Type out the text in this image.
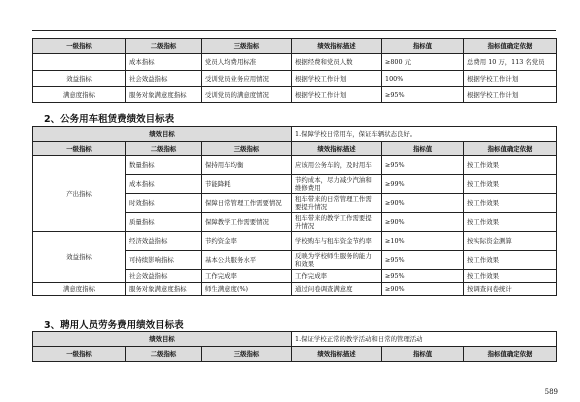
一级指标	二级指标	三级指标	绩效指标描述	指标值	指标值确定依据
	成本指标	党员人均费用标准	根据经费和党员人数	≥800 元	总费用 10 万，113 名党员
效益指标	社会效益指标	受训党员业务应用情况	根据学校工作计划	100%	根据学校工作计划
满意度指标	服务对象满意度指标	受训党员的满意度情况	根据学校工作计划	≥95%	根据学校工作计划
2、公务用车租赁费绩效目标表
绩效目标			1.保障学校日常用车，保证车辆状态良好。		
一级指标	二级指标	三级指标	绩效指标描述	指标值	指标值确定依据
产出指标	数量指标	保持用车均衡	应该用公务车的，及时用车	≥95%	按工作效果
	成本指标	节能降耗	节约成本，尽力减少汽油和维修费用	≥99%	按工作效果
	时效指标	保障日常管理工作需要情况	租车带来的日常管理工作需要提升情况	≥90%	按工作效果
	质量指标	保障教学工作需要情况	租车带来的教学工作需要提升情况	≥90%	按工作效果
效益指标	经济效益指标	节约资金率	学校购车与租车资金节约率	≥10%	按实际资金测算
	可持续影响指标	基本公共服务水平	反映为学校师生服务的能力和效果	≥95%	按工作效果
	社会效益指标	工作完成率	工作完成率	≥95%	按工作效果
满意度指标	服务对象满意度指标	师生满意度(%)	通过问卷调查满意度	≥90%	按调查问卷统计
3、聘用人员劳务费用绩效目标表
绩效目标			1.保证学校正常的教学活动和日常的管理活动		
一级指标	二级指标	三级指标	绩效指标描述	指标值	指标值确定依据
589
